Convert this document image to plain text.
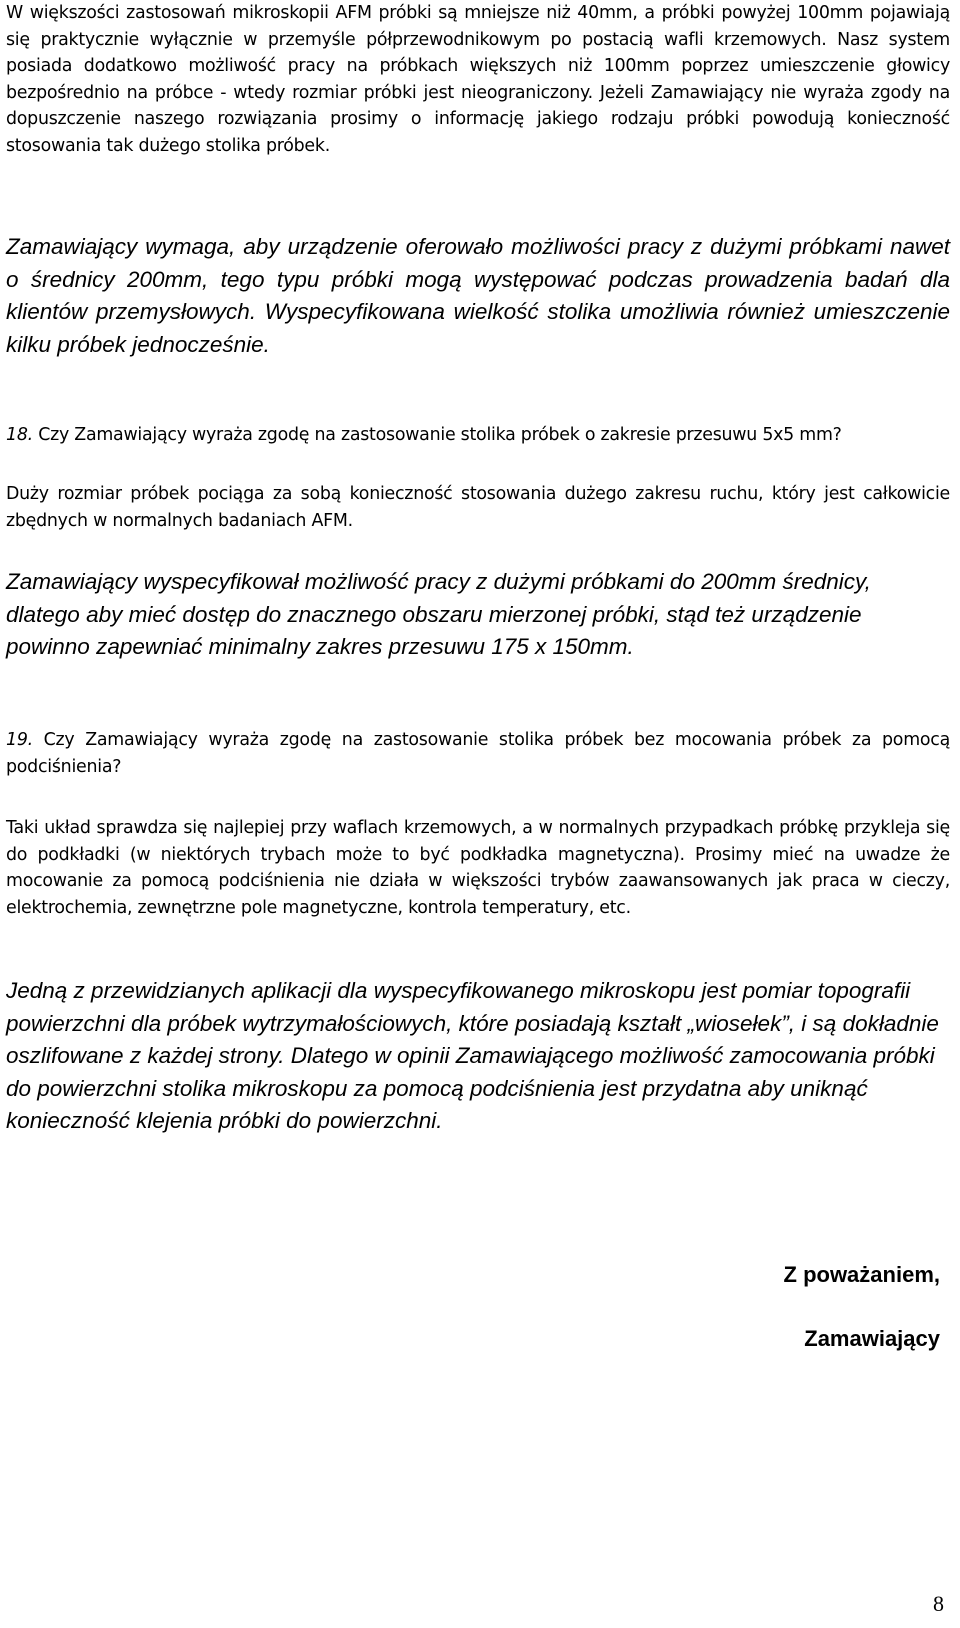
W większości zastosowań mikroskopii AFM próbki są mniejsze niż 40mm, a próbki powyżej 100mm pojawiają się praktycznie wyłącznie w przemyśle półprzewodnikowym po postacią wafli krzemowych. Nasz system posiada dodatkowo możliwość pracy na próbkach większych niż 100mm poprzez umieszczenie głowicy bezpośrednio na próbce - wtedy rozmiar próbki jest nieograniczony. Jeżeli Zamawiający nie wyraża zgody na dopuszczenie naszego rozwiązania prosimy o informację jakiego rodzaju próbki powodują konieczność stosowania tak dużego stolika próbek.

Zamawiający wymaga, aby urządzenie oferowało możliwości pracy z dużymi próbkami nawet o średnicy 200mm, tego typu próbki mogą występować podczas prowadzenia badań dla klientów przemysłowych. Wyspecyfikowana wielkość stolika umożliwia również umieszczenie kilku próbek jednocześnie.

18. Czy Zamawiający wyraża zgodę na zastosowanie stolika próbek o zakresie przesuwu 5x5 mm?

Duży rozmiar próbek pociąga za sobą konieczność stosowania dużego zakresu ruchu, który jest całkowicie zbędnych w normalnych badaniach AFM.

Zamawiający wyspecyfikował możliwość pracy z dużymi próbkami do 200mm średnicy, dlatego aby mieć dostęp do znacznego obszaru mierzonej próbki, stąd też urządzenie powinno zapewniać minimalny zakres przesuwu 175 x 150mm.

19. Czy Zamawiający wyraża zgodę na zastosowanie stolika próbek bez mocowania próbek za pomocą podciśnienia?

Taki układ sprawdza się najlepiej przy waflach krzemowych, a w normalnych przypadkach próbkę przykleja się do podkładki (w niektórych trybach może to być podkładka magnetyczna). Prosimy mieć na uwadze że mocowanie za pomocą podciśnienia nie działa w większości trybów zaawansowanych jak praca w cieczy, elektrochemia, zewnętrzne pole magnetyczne, kontrola temperatury, etc.

Jedną z przewidzianych aplikacji dla wyspecyfikowanego mikroskopu jest pomiar topografii powierzchni dla próbek wytrzymałościowych, które posiadają kształt „wiosełek”, i są dokładnie oszlifowane z każdej strony. Dlatego w opinii Zamawiającego możliwość zamocowania próbki do powierzchni stolika mikroskopu za pomocą podciśnienia jest przydatna aby uniknąć konieczność klejenia próbki do powierzchni.

Z poważaniem,
Zamawiający
8
